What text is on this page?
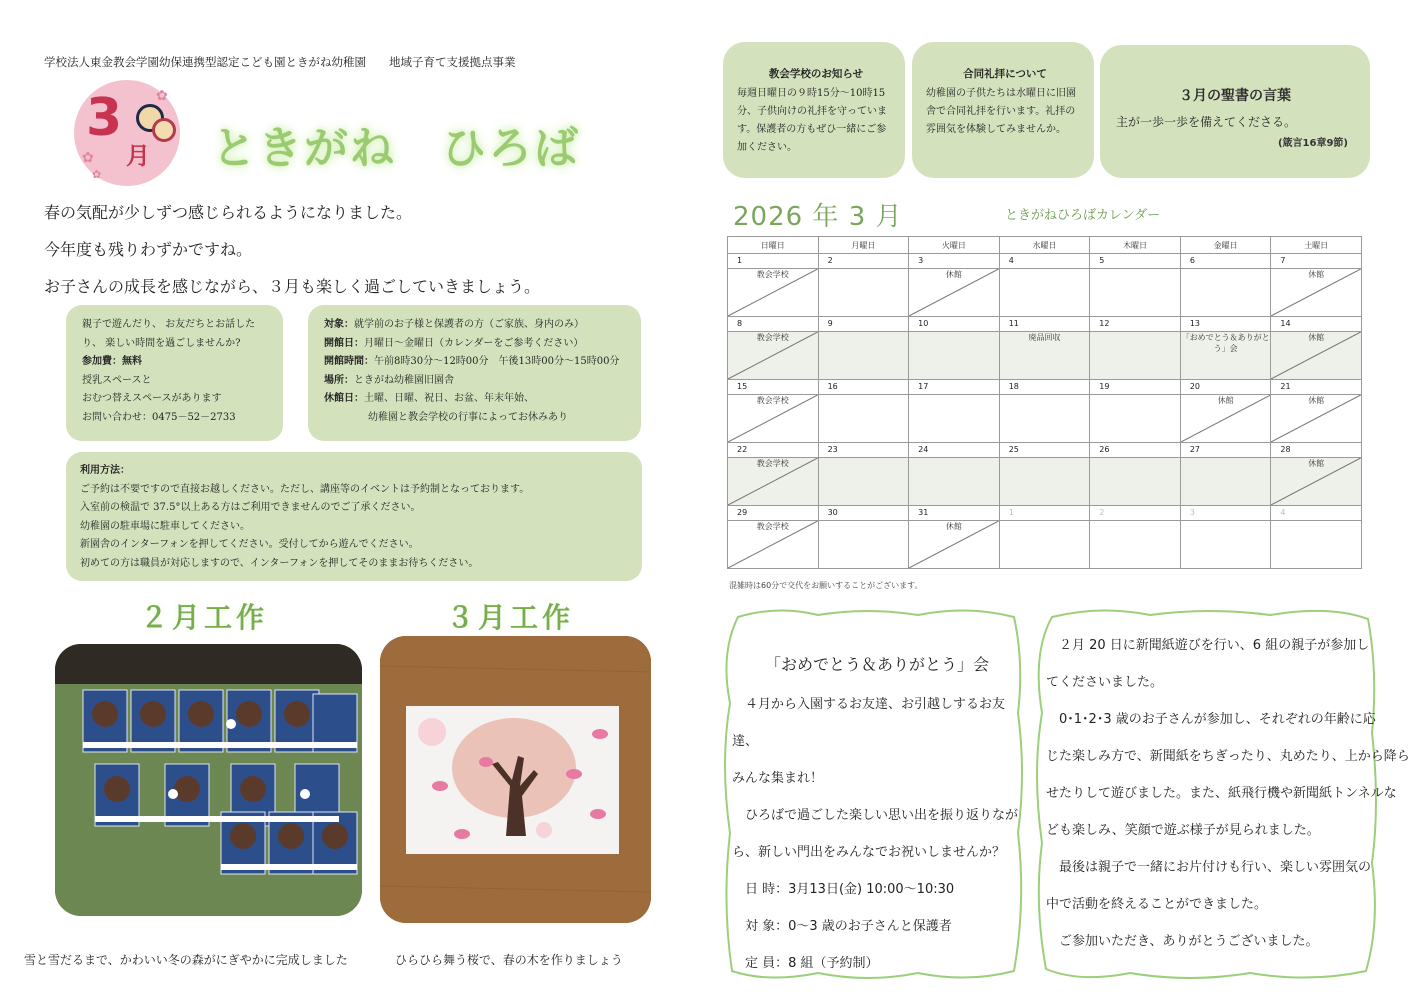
学校法人東金教会学園幼保連携型認定こども園ときがね幼稚園　　地域子育て支援拠点事業
3
月
✿
✿
✿
ときがね　ひろば
春の気配が少しずつ感じられるようになりました。
今年度も残りわずかですね。
お子さんの成長を感じながら、３月も楽しく過ごしていきましょう。
親子で遊んだり、 お友だちとお話した
り、 楽しい時間を過ごしませんか?
参加費：無料
授乳スペースと
おむつ替えスペースがあります
お問い合わせ：0475－52－2733
対象：就学前のお子様と保護者の方（ご家族、身内のみ）
開館日：月曜日～金曜日（カレンダーをご参考ください）
開館時間：午前8時30分～12時00分　午後13時00分～15時00分
場所：ときがね幼稚園旧園舎
休館日：土曜、日曜、祝日、お盆、年末年始、
幼稚園と教会学校の行事によってお休みあり
利用方法：
ご予約は不要ですので直接お越しください。ただし、講座等のイベントは予約制となっております。
入室前の検温で 37.5°以上ある方はご利用できませんのでご了承ください。
幼稚園の駐車場に駐車してください。
新園舎のインターフォンを押してください。受付してから遊んでください。
初めての方は職員が対応しますので、インターフォンを押してそのままお待ちください。
２月工作	３月工作
雪と雪だるまで、かわいい冬の森がにぎやかに完成しました	ひらひら舞う桜で、春の木を作りましょう
教会学校のお知らせ
毎週日曜日の９時15分～10時15分、子供向けの礼拝を守っています。保護者の方もぜひ一緒にご参加ください。
合同礼拝について
幼稚園の子供たちは水曜日に旧園舎で合同礼拝を行います。礼拝の雰囲気を体験してみませんか。
３月の聖書の言葉
主が一歩一歩を備えてくださる。
(箴言16章9節)
2026 年 3 月	ときがねひろばカレンダー
日曜日	月曜日	火曜日	水曜日	木曜日	金曜日	土曜日
1	2	3	4	5	6	7

教会学校		休館				休館
8	9	10	11	12	13	14

教会学校			廃品回収		「おめでとう＆ありがとう」会	休館
15	16	17	18	19	20	21

教会学校					休館	休館
22	23	24	25	26	27	28

教会学校						休館
29	30	31	1	2	3	4

教会学校		休館				
混雑時は60分で交代をお願いすることがございます。
「おめでとう＆ありがとう」会
　４月から入園するお友達、お引越しするお友達、
みんな集まれ！
　ひろばで過ごした楽しい思い出を振り返りなが
ら、新しい門出をみんなでお祝いしませんか？
　日 時：3月13日(金) 10:00～10:30
　対 象：0～3 歳のお子さんと保護者
　定 員：8 組（予約制）
　２月 20 日に新聞紙遊びを行い、6 組の親子が参加し
てくださいました。
　0･1･2･3 歳のお子さんが参加し、それぞれの年齢に応
じた楽しみ方で、新聞紙をちぎったり、丸めたり、上から降ら
せたりして遊びました。また、紙飛行機や新聞紙トンネルな
ども楽しみ、笑顔で遊ぶ様子が見られました。
　最後は親子で一緒にお片付けも行い、楽しい雰囲気の
中で活動を終えることができました。
　ご参加いただき、ありがとうございました。
